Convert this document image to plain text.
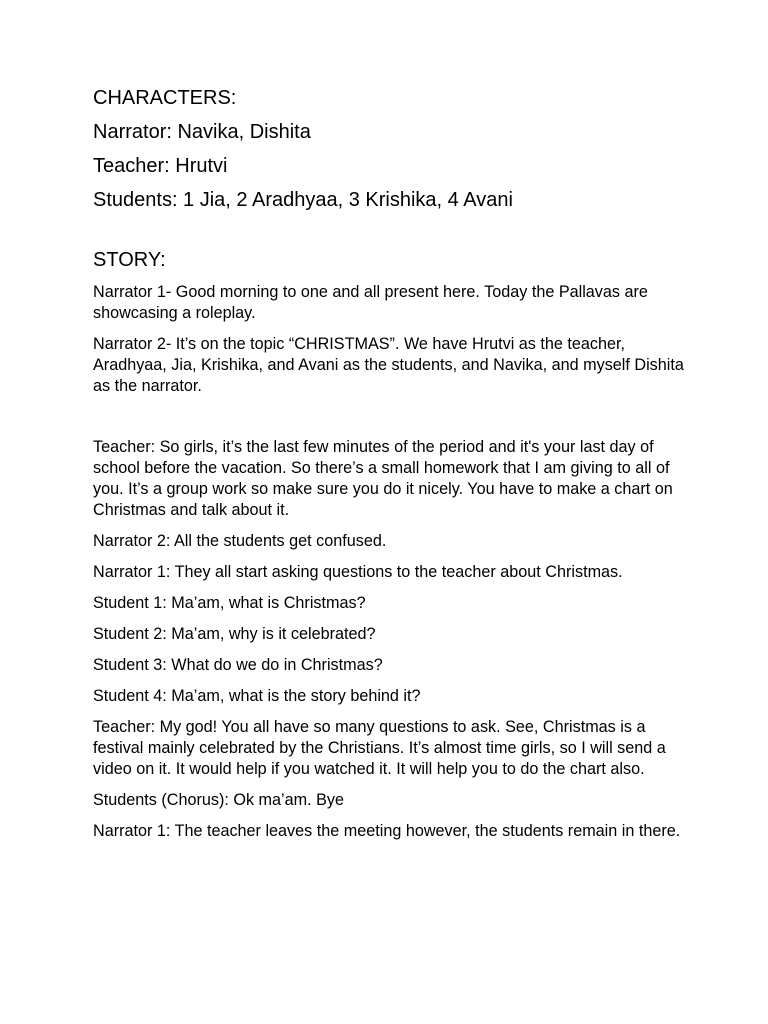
CHARACTERS:
Narrator: Navika, Dishita
Teacher: Hrutvi
Students: 1 Jia, 2 Aradhyaa, 3 Krishika, 4 Avani
STORY:

Narrator 1- Good morning to one and all present here. Today the Pallavas are showcasing a roleplay.

Narrator 2- It’s on the topic “CHRISTMAS”. We have Hrutvi as the teacher, Aradhyaa, Jia, Krishika, and Avani as the students, and Navika, and myself Dishita as the narrator.

Teacher: So girls, it’s the last few minutes of the period and it's your last day of school before the vacation. So there’s a small homework that I am giving to all of you. It’s a group work so make sure you do it nicely. You have to make a chart on Christmas and talk about it.

Narrator 2: All the students get confused.

Narrator 1: They all start asking questions to the teacher about Christmas.

Student 1: Ma’am, what is Christmas?

Student 2: Ma’am, why is it celebrated?

Student 3: What do we do in Christmas?

Student 4: Ma’am, what is the story behind it?

Teacher: My god! You all have so many questions to ask. See, Christmas is a festival mainly celebrated by the Christians. It’s almost time girls, so I will send a video on it. It would help if you watched it. It will help you to do the chart also.

Students (Chorus): Ok ma’am. Bye

Narrator 1: The teacher leaves the meeting however, the students remain in there.
